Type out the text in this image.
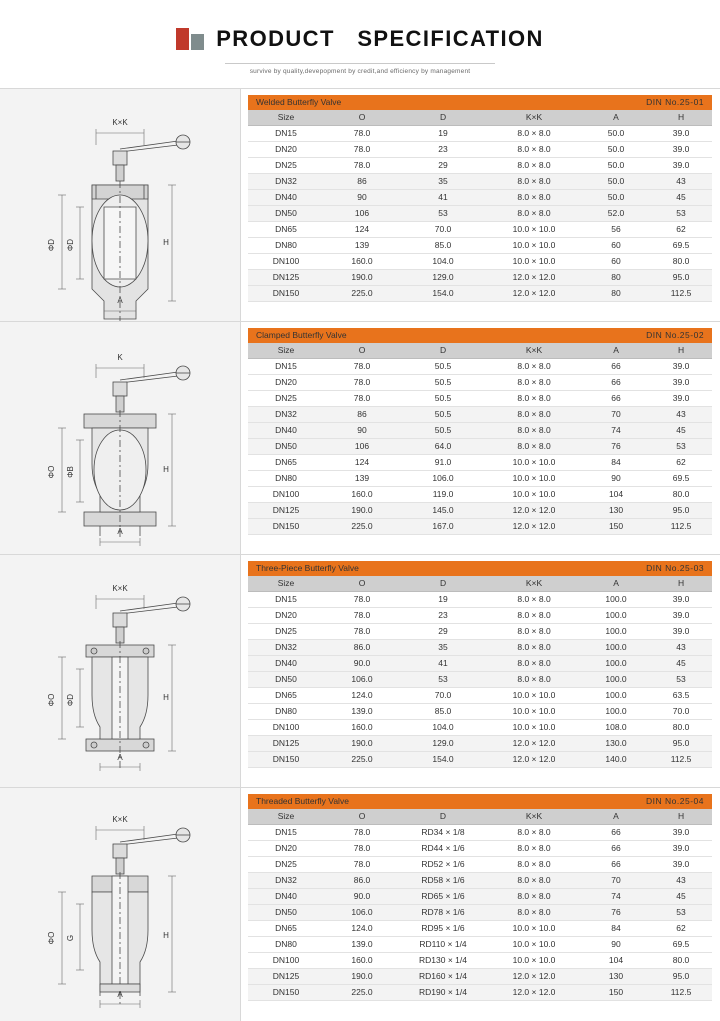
PRODUCT SPECIFICATION
survive by quality,devepopment by credit,and efficiency by management
K×K
ΦD ΦD	H
A
Welded Butterfly Valve			DIN No.25-01		
Size	O	D	K×K	A	H
DN15	78.0	19	8.0 × 8.0	50.0	39.0
DN20	78.0	23	8.0 × 8.0	50.0	39.0
DN25	78.0	29	8.0 × 8.0	50.0	39.0
DN32	86	35	8.0 × 8.0	50.0	43
DN40	90	41	8.0 × 8.0	50.0	45
DN50	106	53	8.0 × 8.0	52.0	53
DN65	124	70.0	10.0 × 10.0	56	62
DN80	139	85.0	10.0 × 10.0	60	69.5
DN100	160.0	104.0	10.0 × 10.0	60	80.0
DN125	190.0	129.0	12.0 × 12.0	80	95.0
DN150	225.0	154.0	12.0 × 12.0	80	112.5
K
ΦO ΦB	H
A
Clamped Butterfly Valve			DIN No.25-02		
Size	O	D	K×K	A	H
DN15	78.0	50.5	8.0 × 8.0	66	39.0
DN20	78.0	50.5	8.0 × 8.0	66	39.0
DN25	78.0	50.5	8.0 × 8.0	66	39.0
DN32	86	50.5	8.0 × 8.0	70	43
DN40	90	50.5	8.0 × 8.0	74	45
DN50	106	64.0	8.0 × 8.0	76	53
DN65	124	91.0	10.0 × 10.0	84	62
DN80	139	106.0	10.0 × 10.0	90	69.5
DN100	160.0	119.0	10.0 × 10.0	104	80.0
DN125	190.0	145.0	12.0 × 12.0	130	95.0
DN150	225.0	167.0	12.0 × 12.0	150	112.5
K×K
ΦO ΦD	H
A
Three-Piece Butterfly Valve			DIN No.25-03		
Size	O	D	K×K	A	H
DN15	78.0	19	8.0 × 8.0	100.0	39.0
DN20	78.0	23	8.0 × 8.0	100.0	39.0
DN25	78.0	29	8.0 × 8.0	100.0	39.0
DN32	86.0	35	8.0 × 8.0	100.0	43
DN40	90.0	41	8.0 × 8.0	100.0	45
DN50	106.0	53	8.0 × 8.0	100.0	53
DN65	124.0	70.0	10.0 × 10.0	100.0	63.5
DN80	139.0	85.0	10.0 × 10.0	100.0	70.0
DN100	160.0	104.0	10.0 × 10.0	108.0	80.0
DN125	190.0	129.0	12.0 × 12.0	130.0	95.0
DN150	225.0	154.0	12.0 × 12.0	140.0	112.5
K×K
ΦO G	H
A
Threaded Butterfly Valve			DIN No.25-04		
Size	O	D	K×K	A	H
DN15	78.0	RD34 × 1/8	8.0 × 8.0	66	39.0
DN20	78.0	RD44 × 1/6	8.0 × 8.0	66	39.0
DN25	78.0	RD52 × 1/6	8.0 × 8.0	66	39.0
DN32	86.0	RD58 × 1/6	8.0 × 8.0	70	43
DN40	90.0	RD65 × 1/6	8.0 × 8.0	74	45
DN50	106.0	RD78 × 1/6	8.0 × 8.0	76	53
DN65	124.0	RD95 × 1/6	10.0 × 10.0	84	62
DN80	139.0	RD110 × 1/4	10.0 × 10.0	90	69.5
DN100	160.0	RD130 × 1/4	10.0 × 10.0	104	80.0
DN125	190.0	RD160 × 1/4	12.0 × 12.0	130	95.0
DN150	225.0	RD190 × 1/4	12.0 × 12.0	150	112.5
